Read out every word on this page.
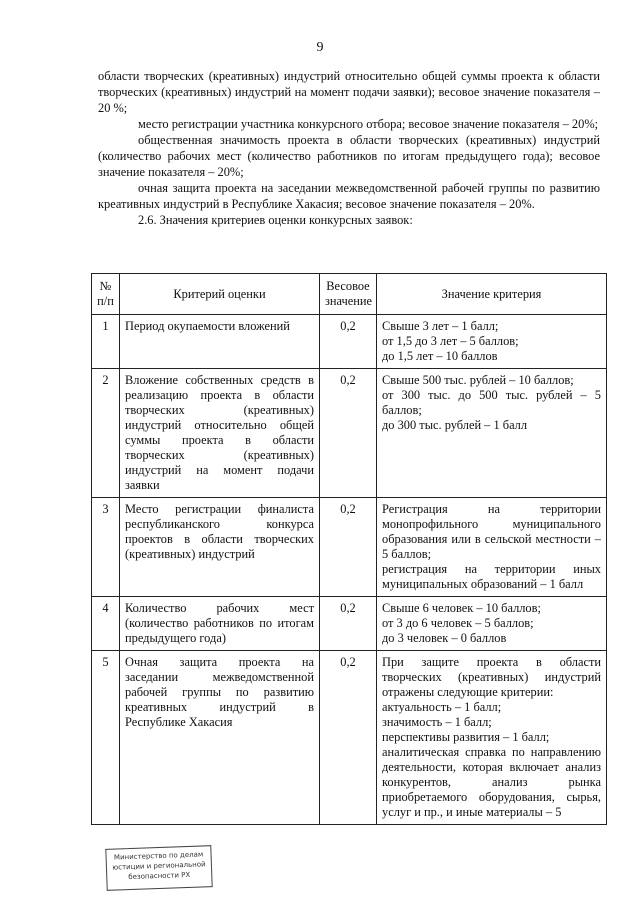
9

области творческих (креативных) индустрий относительно общей суммы проекта к области творческих (креативных) индустрий на момент подачи заявки); весовое значение показателя – 20 %;

место регистрации участника конкурсного отбора; весовое значение показателя – 20%;

общественная значимость проекта в области творческих (креативных) индустрий (количество рабочих мест (количество работников по итогам предыдущего года); весовое значение показателя – 20%;

очная защита проекта на заседании межведомственной рабочей группы по развитию креативных индустрий в Республике Хакасия; весовое значение показателя – 20%.

2.6. Значения критериев оценки конкурсных заявок:

№ п/п	Критерий оценки	Весовое значение	Значение критерия
1	Период окупаемости вложений	0,2	Свыше 3 лет – 1 балл;
от 1,5 до 3 лет – 5 баллов;
до 1,5 лет – 10 баллов

2	Вложение собственных средств в реализацию проекта в области творческих (креативных) индустрий относительно общей суммы проекта в области творческих (креативных) индустрий на момент подачи заявки	0,2	Свыше 500 тыс. рублей – 10 баллов;
от 300 тыс. до 500 тыс. рублей – 5 баллов;
до 300 тыс. рублей – 1 балл

3	Место регистрации финалиста республиканского конкурса проектов в области творческих (креативных) индустрий	0,2	Регистрация на территории монопрофильного муниципального образования или в сельской местности – 5 баллов;
регистрация на территории иных муниципальных образований – 1 балл

4	Количество рабочих мест (количество работников по итогам предыдущего года)	0,2	Свыше 6 человек – 10 баллов;
от 3 до 6 человек – 5 баллов;
до 3 человек – 0 баллов

5	Очная защита проекта на заседании межведомственной рабочей группы по развитию креативных индустрий в Республике Хакасия	0,2	При защите проекта в области творческих (креативных) индустрий отражены следующие критерии:
актуальность – 1 балл;
значимость – 1 балл;
перспективы развития – 1 балл;
аналитическая справка по направлению деятельности, которая включает анализ конкурентов, анализ рынка приобретаемого оборудования, сырья, услуг и пр., и иные материалы – 5
Министерство по делам
юстиции и региональной
безопасности РХ
